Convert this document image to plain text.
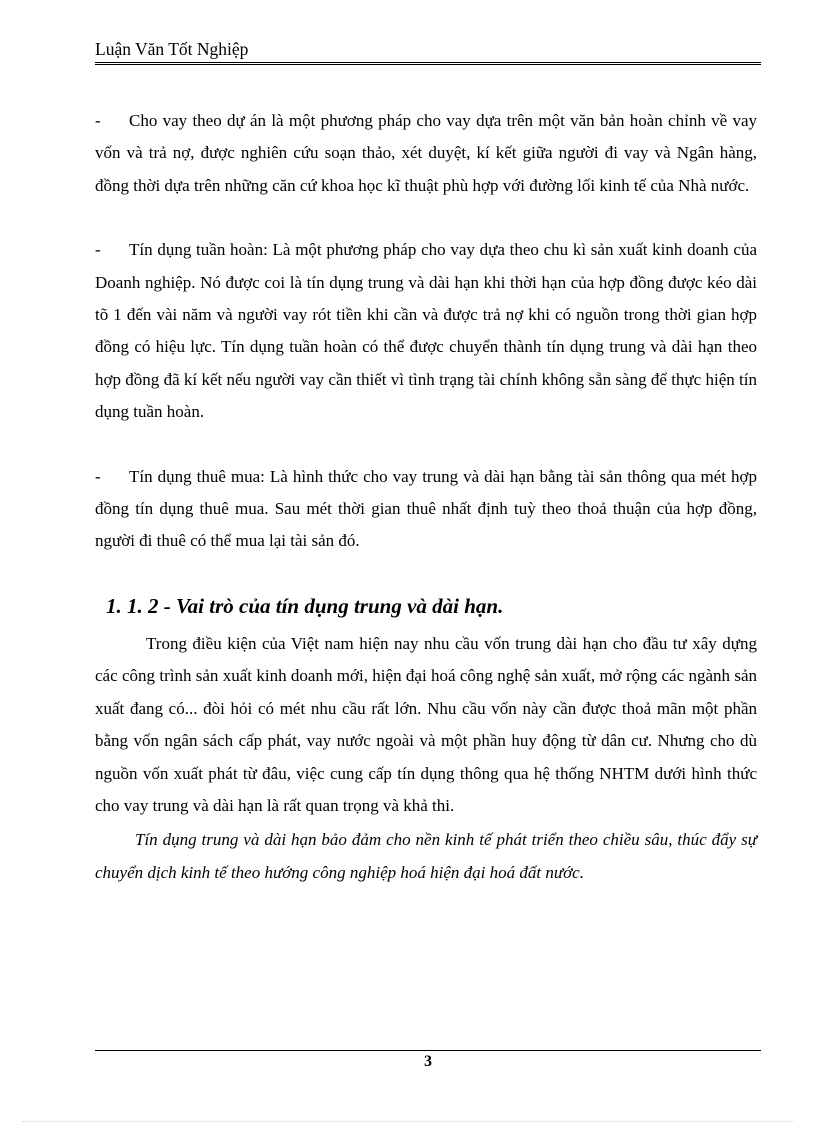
Luận Văn Tốt Nghiệp

- Cho vay theo dự án là một phương pháp cho vay dựa trên một văn bản hoàn chỉnh về vay vốn và trả nợ, được nghiên cứu soạn thảo, xét duyệt, kí kết giữa người đi vay và Ngân hàng, đồng thời dựa trên những căn cứ khoa học kĩ thuật phù hợp với đường lối kinh tế của Nhà nước.

- Tín dụng tuần hoàn: Là một phương pháp cho vay dựa theo chu kì sản xuất kinh doanh của Doanh nghiệp. Nó được coi là tín dụng trung và dài hạn khi thời hạn của hợp đồng được kéo dài tõ 1 đến vài năm và người vay rót tiền khi cần và được trả nợ khi có nguồn trong thời gian hợp đồng có hiệu lực. Tín dụng tuần hoàn có thể được chuyển thành tín dụng trung và dài hạn theo hợp đồng đã kí kết nếu người vay cần thiết vì tình trạng tài chính không sẵn sàng để thực hiện tín dụng tuần hoàn.

- Tín dụng thuê mua: Là hình thức cho vay trung và dài hạn bằng tài sản thông qua mét hợp đồng tín dụng thuê mua. Sau mét thời gian thuê nhất định tuỳ theo thoả thuận của hợp đồng, người đi thuê có thể mua lại tài sản đó.

1. 1. 2 - Vai trò của tín dụng trung và dài hạn.

Trong điều kiện của Việt nam hiện nay nhu cầu vốn trung dài hạn cho đầu tư xây dựng các công trình sản xuất kinh doanh mới, hiện đại hoá công nghệ sản xuất, mở rộng các ngành sản xuất đang có... đòi hỏi có mét nhu cầu rất lớn. Nhu cầu vốn này cần được thoả mãn một phần bằng vốn ngân sách cấp phát, vay nước ngoài và một phần huy động từ dân cư. Nhưng cho dù nguồn vốn xuất phát từ đâu, việc cung cấp tín dụng thông qua hệ thống NHTM dưới hình thức cho vay trung và dài hạn là rất quan trọng và khả thi.

Tín dụng trung và dài hạn bảo đảm cho nền kinh tế phát triển theo chiều sâu, thúc đẩy sự chuyển dịch kinh tế theo hướng công nghiệp hoá hiện đại hoá đất nước.

3
